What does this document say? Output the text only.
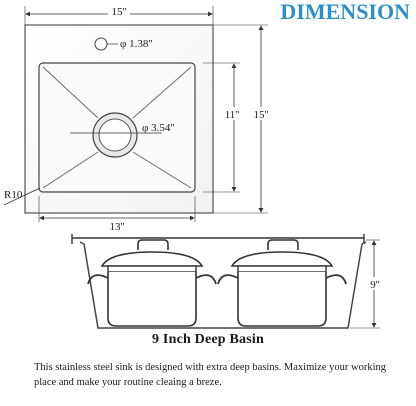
DIMENSION
15''
φ 1.38''
φ 3.54''
11'' 15''
R10
13''
9''
9 Inch Deep Basin
This stainless steel sink is designed with extra deep basins. Maximize your working place and make your routine cleaing a breze.
